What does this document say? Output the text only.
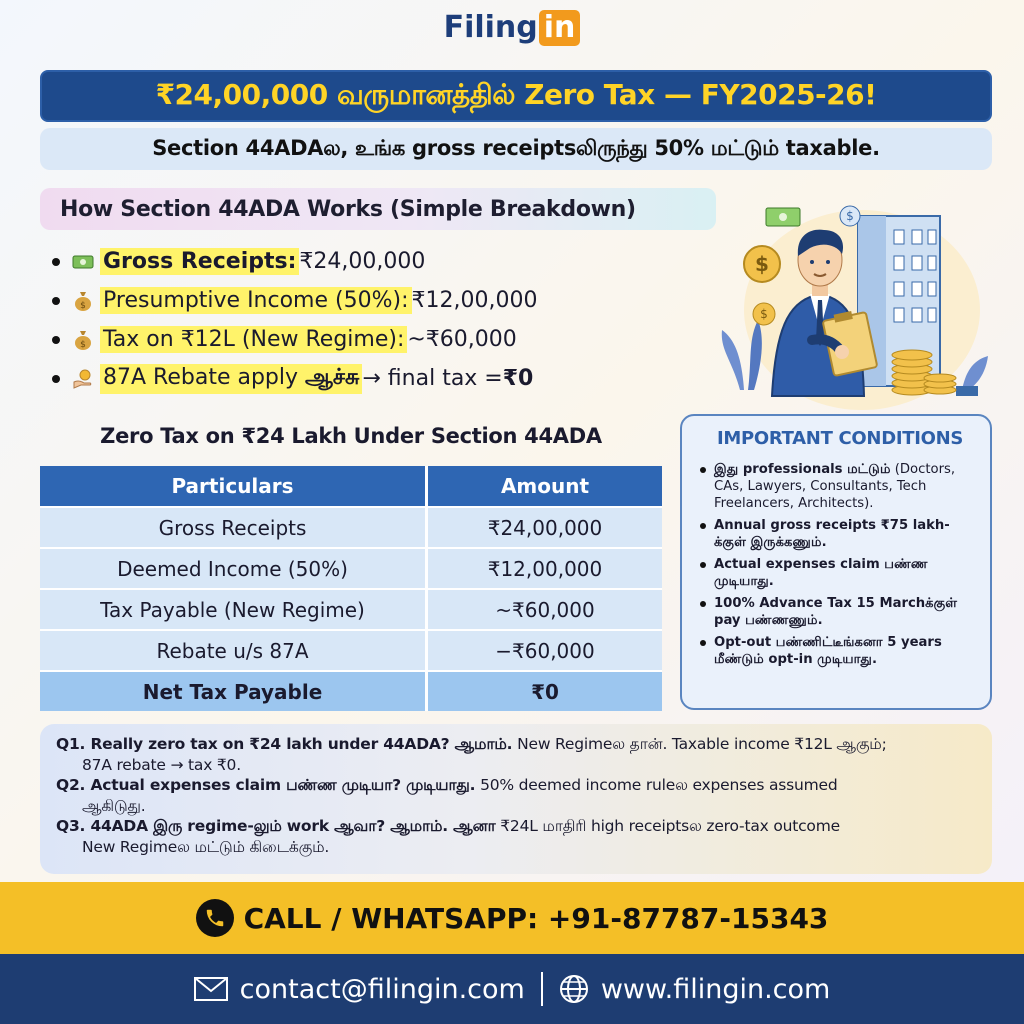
Filing in
₹24,00,000 வருமானத்தில் Zero Tax — FY2025-26!
Section 44ADAல, உங்க gross receiptsலிருந்து 50% மட்டும் taxable.
How Section 44ADA Works (Simple Breakdown)
Gross Receipts: ₹24,00,000
$ Presumptive Income (50%): ₹12,00,000
$ Tax on ₹12L (New Regime): ~₹60,000
87A Rebate apply ஆச்சு → final tax = ₹0
$
$
$
Zero Tax on ₹24 Lakh Under Section 44ADA
Particulars	Amount
Gross Receipts	₹24,00,000
Deemed Income (50%)	₹12,00,000
Tax Payable (New Regime)	~₹60,000
Rebate u/s 87A	−₹60,000
Net Tax Payable	₹0
IMPORTANT CONDITIONS
இது professionals மட்டும் (Doctors, CAs, Lawyers, Consultants, Tech Freelancers, Architects).
Annual gross receipts ₹75 lakh-க்குள் இருக்கணும்.
Actual expenses claim பண்ண முடியாது.
100% Advance Tax 15 Marchக்குள் pay பண்ணணும்.
Opt-out பண்ணிட்டீங்கனா 5 years மீண்டும் opt-in முடியாது.

Q1. Really zero tax on ₹24 lakh under 44ADA? ஆமாம். New Regimeல தான். Taxable income ₹12L ஆகும்;
87A rebate → tax ₹0.

Q2. Actual expenses claim பண்ண முடியா? முடியாது. 50% deemed income ruleல expenses assumed
ஆகிடுது.

Q3. 44ADA இரு regime-லும் work ஆவா? ஆமாம். ஆனா ₹24L மாதிரி high receiptsல zero-tax outcome
New Regimeல மட்டும் கிடைக்கும்.

CALL / WHATSAPP: +91-87787-15343
contact@filingin.com	www.filingin.com
